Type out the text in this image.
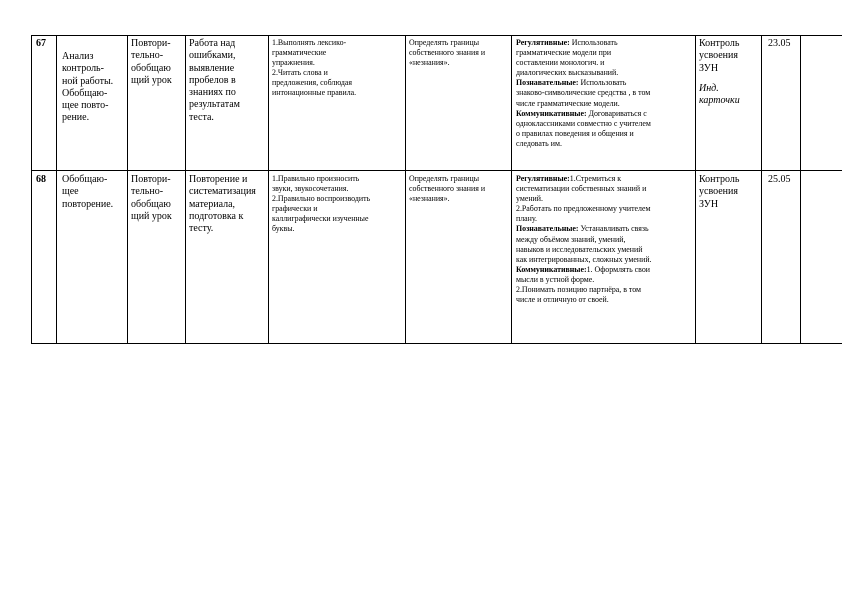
67

Анализ
контроль-
ной работы.
Обобщаю-
щее повто-
рение.

Повтори-
тельно-
обобщаю
щий урок

Работа над
ошибками,
выявление
пробелов в
знаниях по
результатам
теста.

1.Выполнять лексико-
грамматические
упражнения.
2.Читать слова и
предложения, соблюдая
интонационные правила.

Определять границы
собственного знания и
«незнания».

Регулятивные: Использовать
грамматические модели при
составлении монологич. и
диалогических высказываний.

Познавательные: Использовать
знаково-символические средства , в том
числе грамматические модели.

Коммуникативные: Договариваться с
одноклассниками совместно с учителем
о правилах поведения и общения и
следовать им.

Контроль
усвоения
ЗУН

Инд.
карточки

23.05
68	Обобщаю-
щее
повторение.

Повтори-
тельно-
обобщаю
щий урок

Повторение и
систематизация
материала,
подготовка к
тесту.

1.Правильно произносить
звуки, звукосочетания.
2.Правильно воспроизводить
графически и
каллиграфически изученные
буквы.

Определять границы
собственного знания и
«незнания».

Регулятивные:1.Стремиться к
систематизации собственных знаний и
умений.
2.Работать по предложенному учителем
плану.

Познавательные: Устанавливать связь
между объёмом знаний, умений,
навыков и исследовательских умений
как интегрированных, сложных умений.

Коммуникативные:1. Оформлять свои
мысли в устной форме.
2.Понимать позицию партнёра, в том
числе и отличную от своей.

Контроль
усвоения
ЗУН

25.05
